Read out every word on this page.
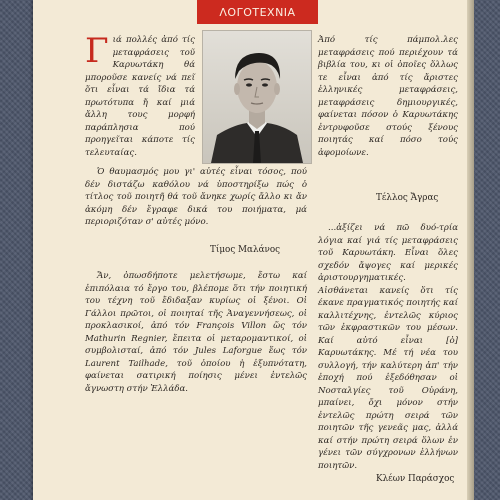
ΛΟΓΟΤΕΧΝΙΑ

Γ ιά πολλές ἀπό τίς μεταφράσεις τοῦ Καρυωτάκη θά μποροῦσε κανείς νά πεῖ ὅτι εἶναι τά ἴδια τά πρωτότυπα ἤ καί μιά ἄλλη τους μορφή παράπλησια πού προηγεῖται κάποτε τίς τελευταίας.

Ὁ θαυμασμός μου γι' αὐτές εἶναι τόσος, πού δέν διστάζω καθόλου νά ὑποστηρίξω πώς ὁ τίτλος τοῦ ποιητῆ θά τοῦ ἄνηκε χωρίς ἄλλο κι ἄν ἀκόμη δέν ἔγραφε δικά του ποιήματα, μά περιοριζόταν σ' αὐτές μόνο.

Τίμος Μαλάνος

Ἄν, ὁπωσδήποτε μελετήσωμε, ἔστω καί ἐπιπόλαια τό ἔργο του, βλέπομε ὅτι τήν ποιητική του τέχνη τοῦ ἔδιδαξαν κυρίως οἱ ξένοι. Οἱ Γάλλοι πρῶτοι, οἱ ποιηταί τῆς Ἀναγεννήσεως, οἱ προκλασικοί, ἀπό τόν François Villon ὥς τόν Mathurin Regnier, ἔπειτα οἱ μεταρομαντικοί, οἱ συμβολισταί, ἀπό τόν Jules Laforgue ἕως τόν Laurent Tailhade, τοῦ ὁποίου ἡ ἐξυπνότατη, φαίνεται σατιρική ποίησις μένει ἐντελῶς ἄγνωστη στήν Ἑλλάδα.

Ἀπό τίς πάμπολ.λες μεταφράσεις πού περιέχουν τά βιβλία του, κι οἱ ὁποῖες ὅλλως τε εἶναι ἀπό τίς ἄριστες ἑλληνικές μεταφράσεις, μεταφράσεις δημιουργικές, φαίνεται πόσον ὁ Καρυωτάκης ἐντρυφοῦσε στούς ξένους ποιητάς καί πόσο τούς ἀφομοίωνε.

Τέλλος Ἄγρας

...ἀξίζει νά πῶ δυό-τρία λόγια καί γιά τίς μεταφράσεις τοῦ Καρυωτάκη. Εἶναι ὅλες σχεδόν ἄψογες καί μερικές ἀριστουργηματικές. Αἰσθάνεται κανείς ὅτι τίς έκανε πραγματικός ποιητής καί καλλιτέχνης, ἐντελῶς κύριος τῶν ἐκφραστικῶν του μέσων. Καί αὐτό εἶναι [ὁ] Καρυωτάκης. Μέ τή νέα του συλλογή, τήν καλύτερη ἀπ' τήν ἐποχή πού ἐξεδόθησαν οἱ Νοσταλγίες τοῦ Οὐράνη, μπαίνει, ὄχι μόνον στήν ἐντελῶς πρώτη σειρά τῶν ποιητῶν τῆς γενεᾶς μας, ἀλλά καί στήν πρώτη σειρά ὅλων ἐν γένει τῶν σύγχρονων ἑλλήνων ποιητῶν.

Κλέων Παράσχος
